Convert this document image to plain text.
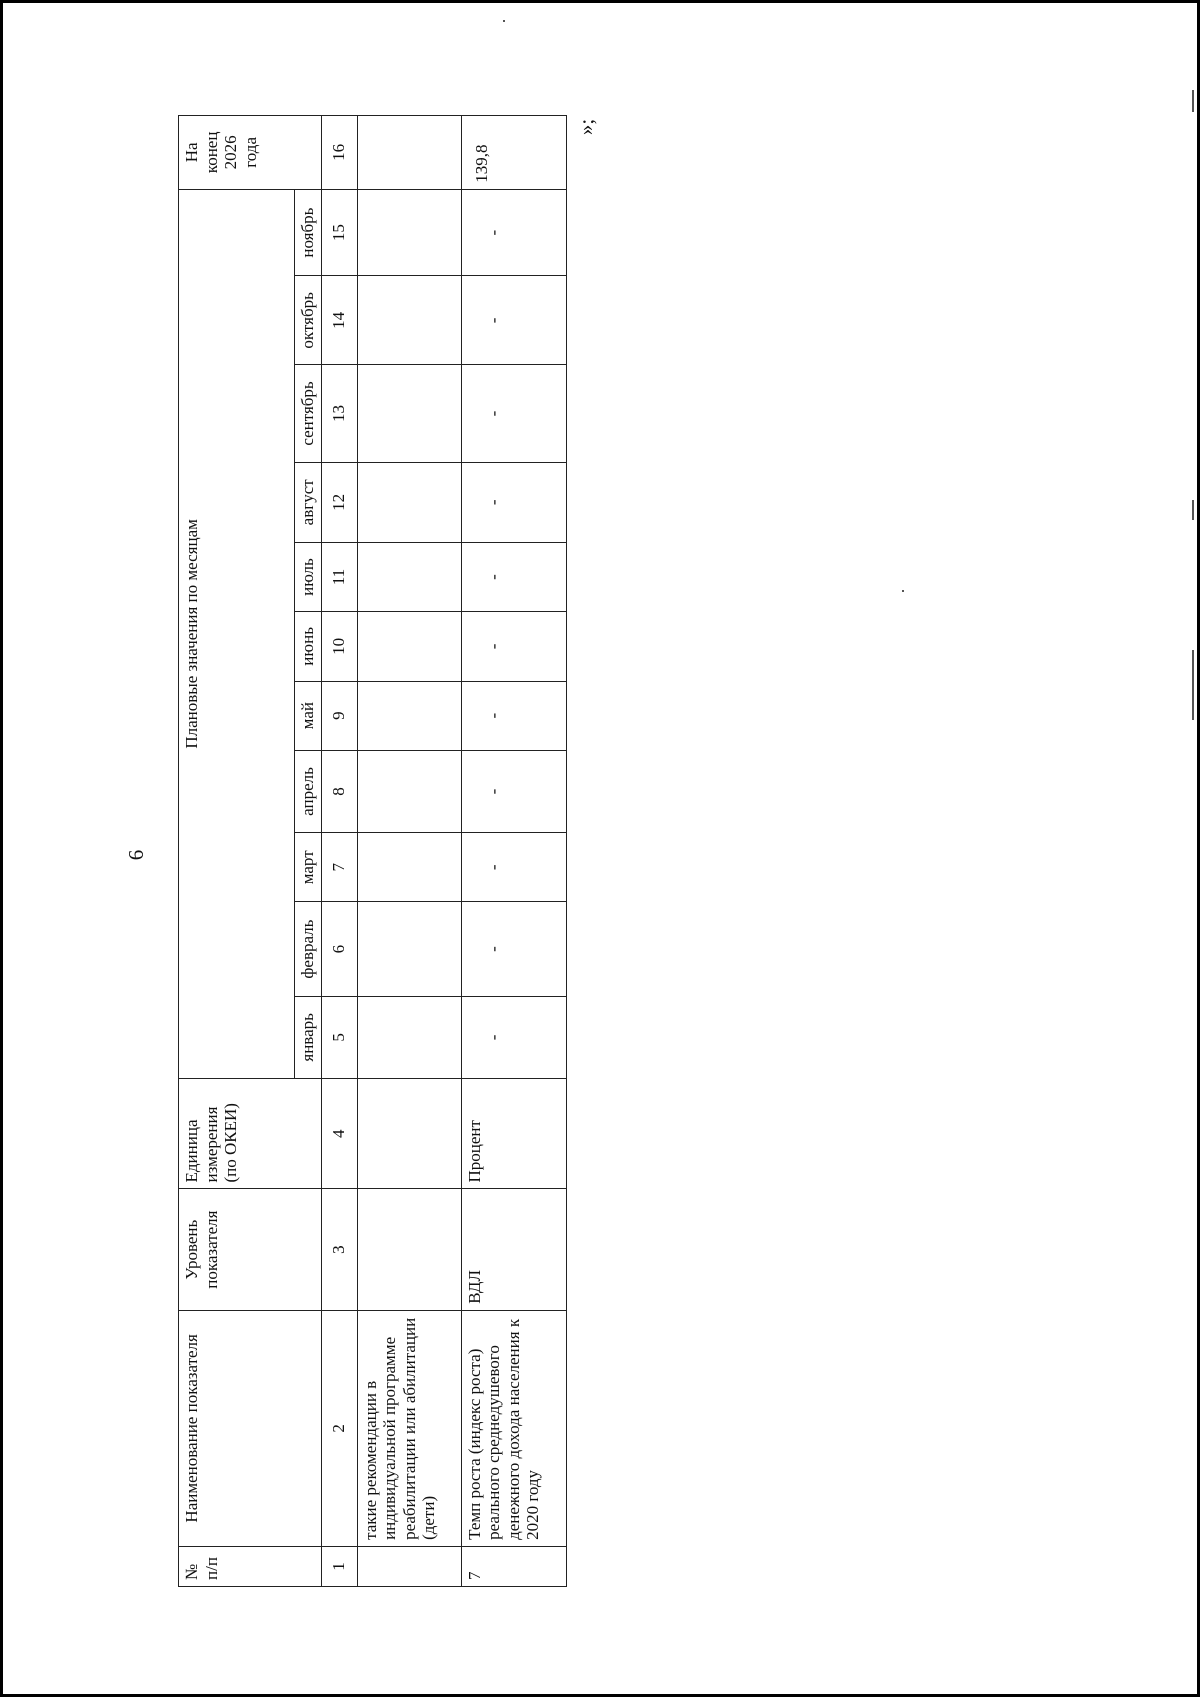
6
»;
№ п/п	Наименование показателя	Уровень показателя	Единица измерения (по ОКЕИ)	Плановые значения по месяцам											На конец 2026 года
				январь	февраль	март	апрель	май	июнь	июль	август	сентябрь	октябрь	ноябрь	
1	2	3	4	5	6	7	8	9	10	11	12	13	14	15	16
	такие рекомендации в индивидуальной программе реабилитации или абилитации (дети)														
7	Темп роста (индекс роста) реального среднедушевого денежного дохода населения к 2020 году	ВДЛ	Процент	-	-	-	-	-	-	-	-	-	-	-	139,8
